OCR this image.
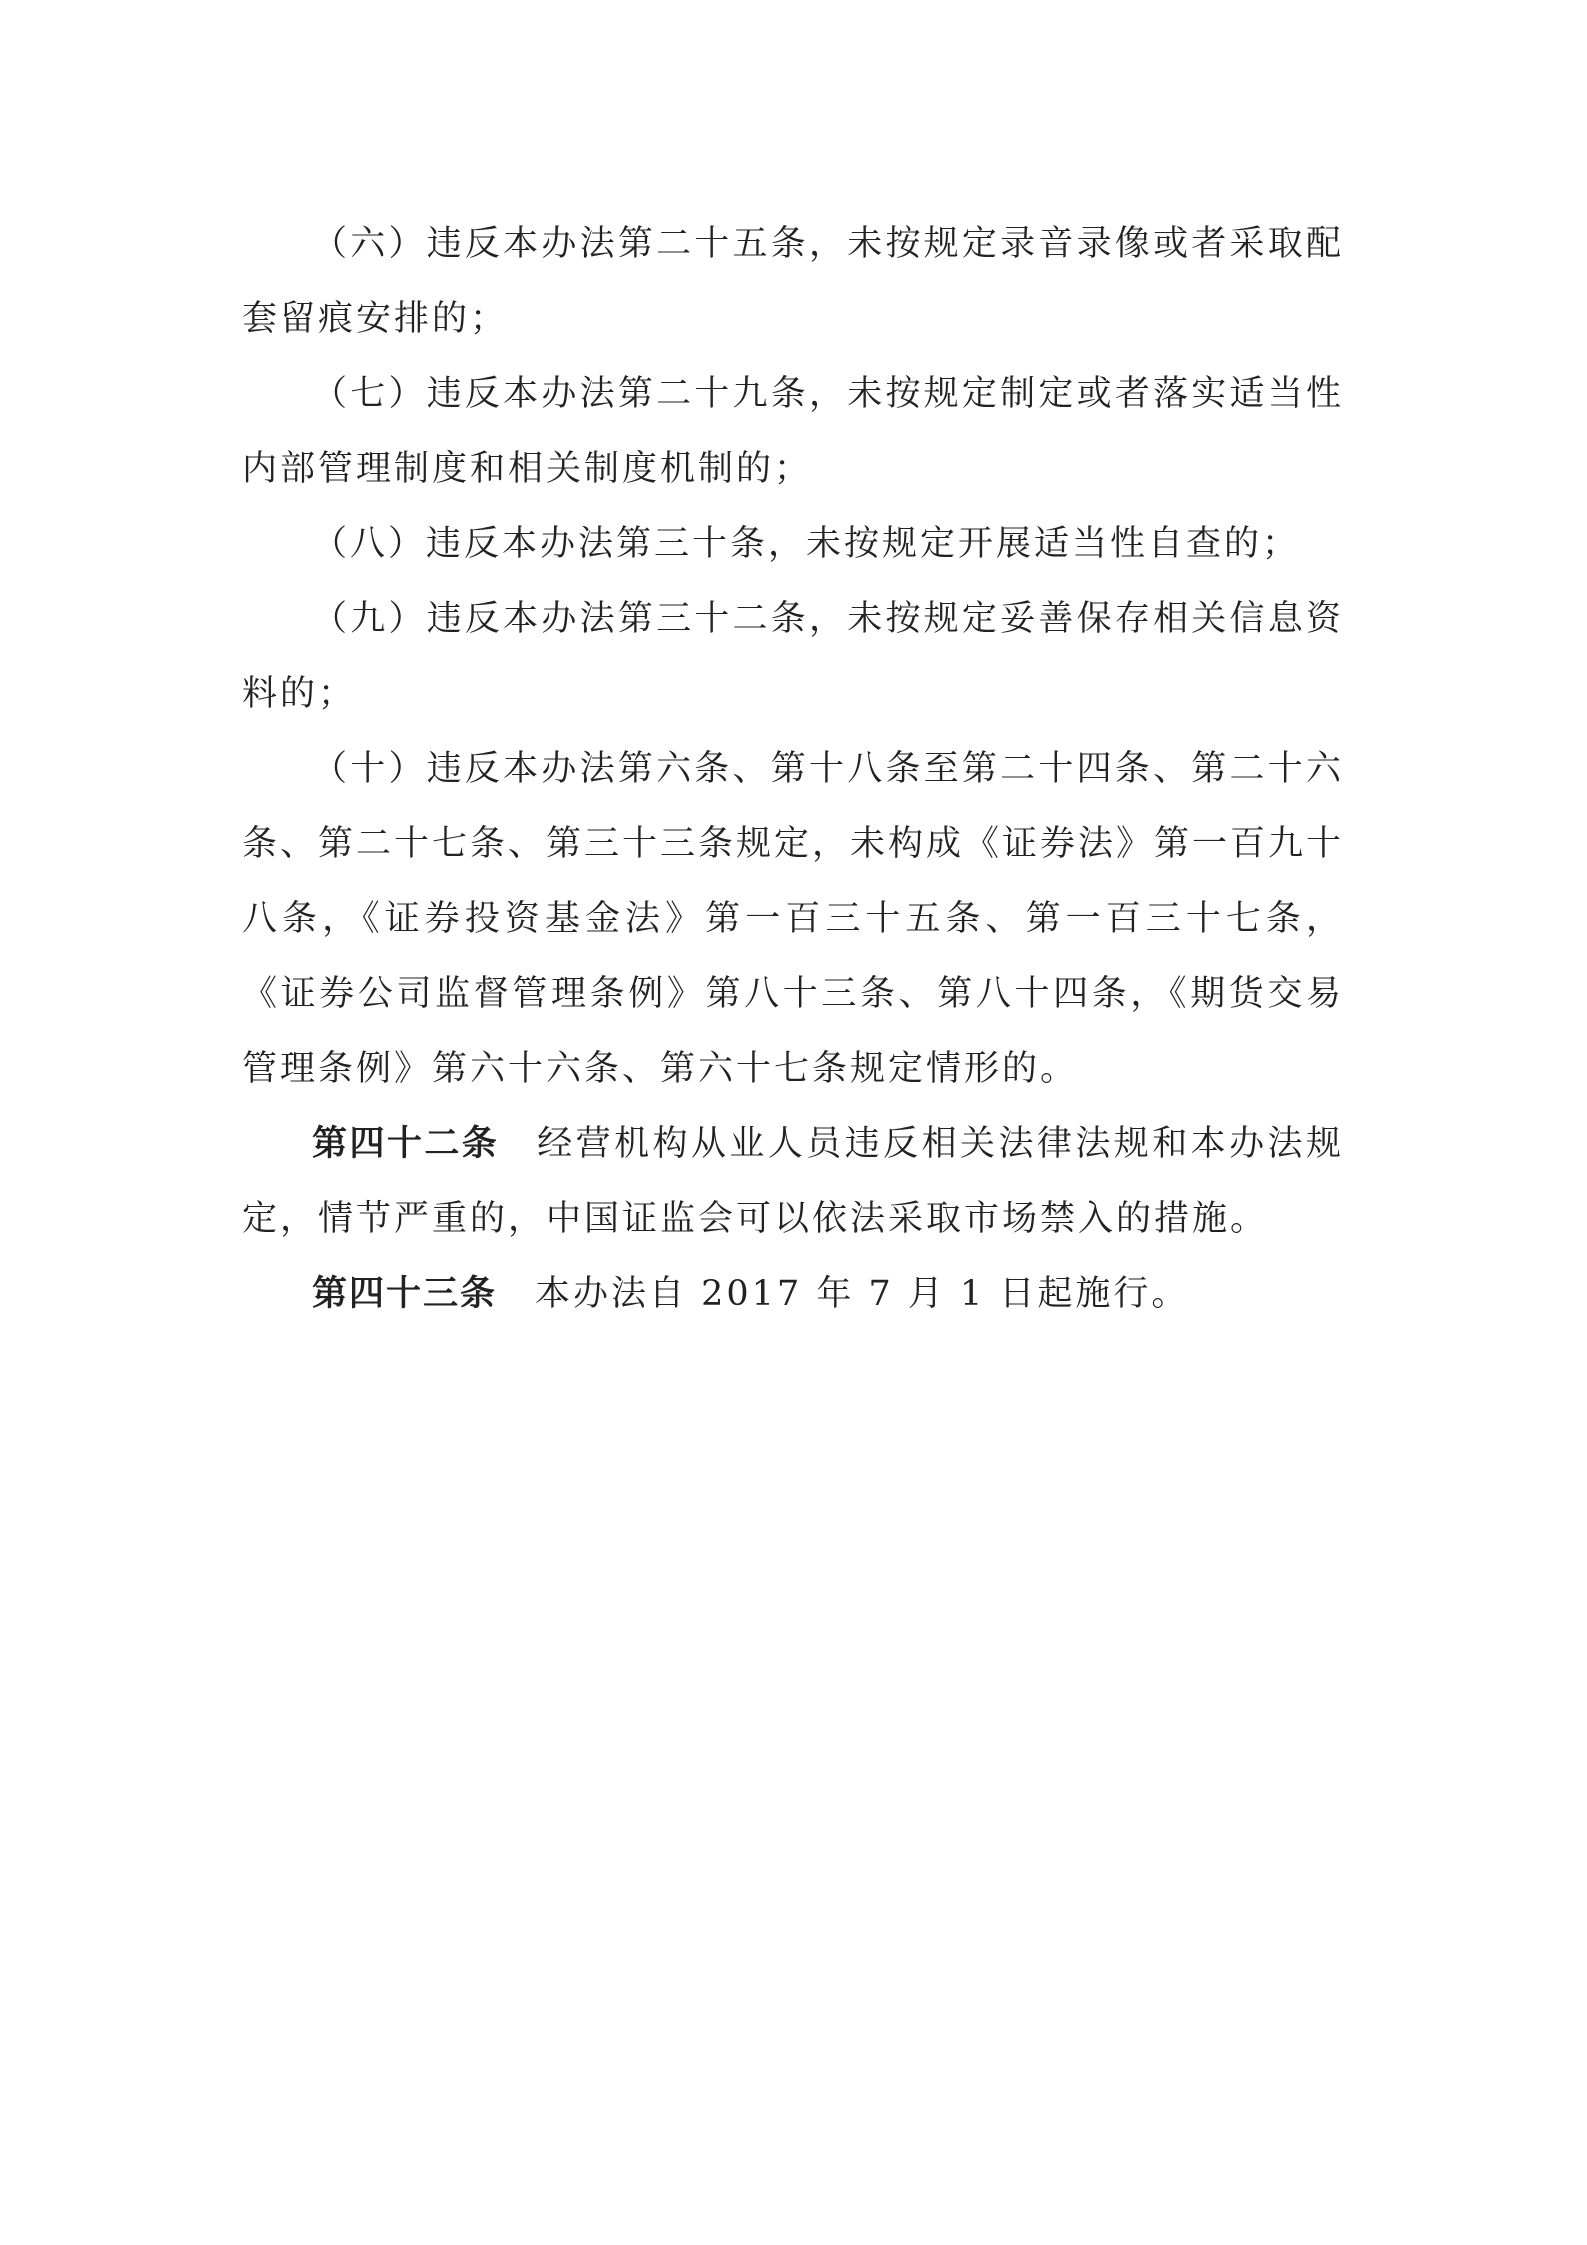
（六）违反本办法第二十五条，未按规定录音录像或者采取配套留痕安排的；

（七）违反本办法第二十九条，未按规定制定或者落实适当性内部管理制度和相关制度机制的；

（八）违反本办法第三十条，未按规定开展适当性自查的；

（九）违反本办法第三十二条，未按规定妥善保存相关信息资料的；

（十）违反本办法第六条、第十八条至第二十四条、第二十六条、第二十七条、第三十三条规定，未构成《证券法》第一百九十八条，《证券投资基金法》第一百三十五条、第一百三十七条，《证券公司监督管理条例》第八十三条、第八十四条，《期货交易管理条例》第六十六条、第六十七条规定情形的。

第四十二条 经营机构从业人员违反相关法律法规和本办法规定，情节严重的，中国证监会可以依法采取市场禁入的措施。

第四十三条 本办法自 2017 年 7 月 1 日起施行。
